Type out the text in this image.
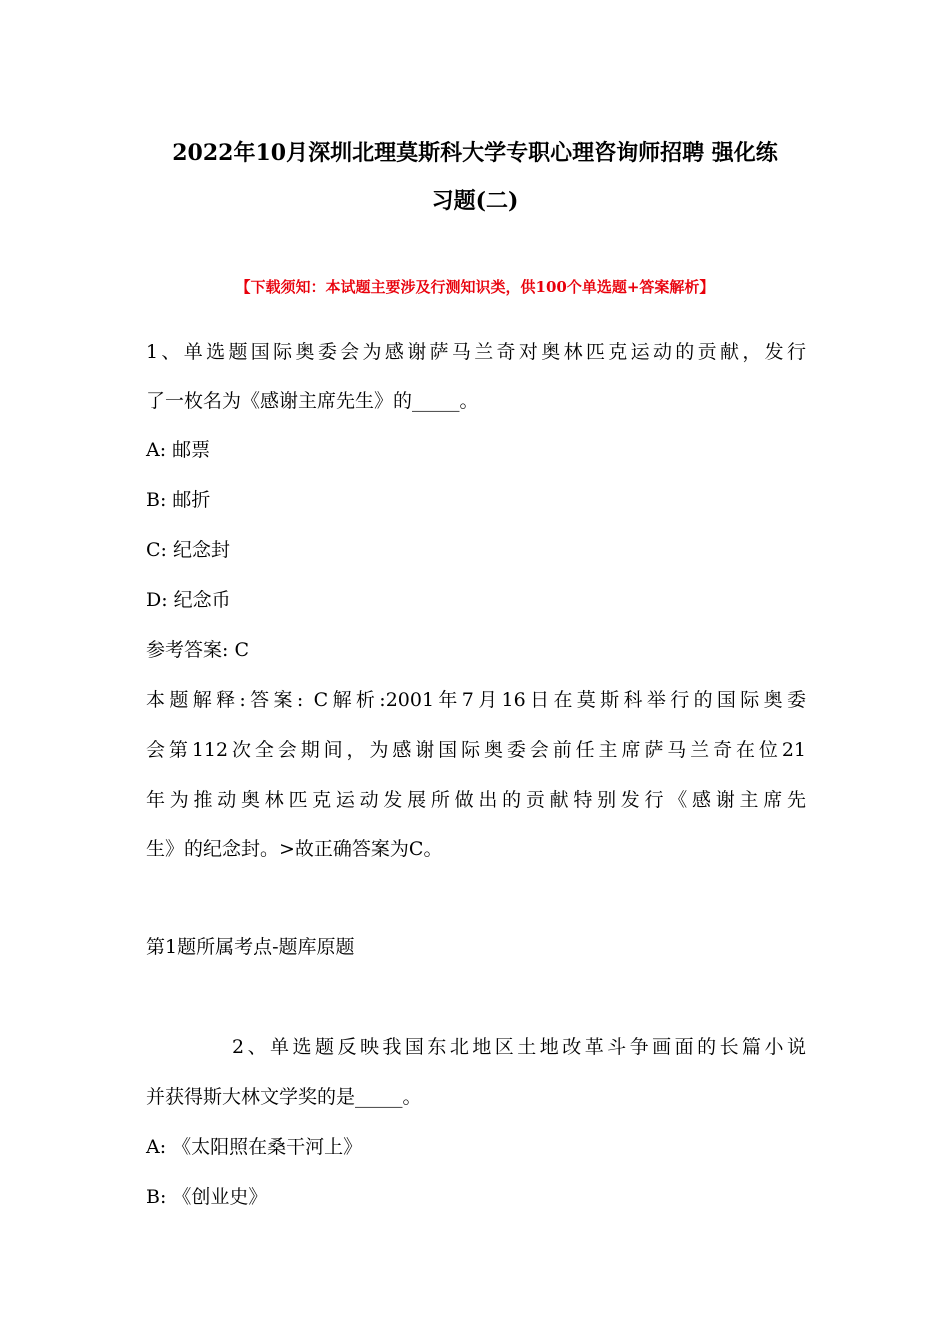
2022年10月深圳北理莫斯科大学专职心理咨询师招聘 强化练
习题(二)
【下载须知：本试题主要涉及行测知识类，供100个单选题+答案解析】
1、单选题国际奥委会为感谢萨马兰奇对奥林匹克运动的贡献，发行
了一枚名为《感谢主席先生》的_____。
A: 邮票
B: 邮折
C: 纪念封
D: 纪念币
参考答案: C
本题解释:答案: C解析:2001年7月16日在莫斯科举行的国际奥委
会第112次全会期间，为感谢国际奥委会前任主席萨马兰奇在位21
年为推动奥林匹克运动发展所做出的贡献特别发行《感谢主席先
生》的纪念封。>故正确答案为C。
第1题所属考点-题库原题
2、单选题反映我国东北地区土地改革斗争画面的长篇小说
并获得斯大林文学奖的是_____。
A: 《太阳照在桑干河上》
B: 《创业史》
